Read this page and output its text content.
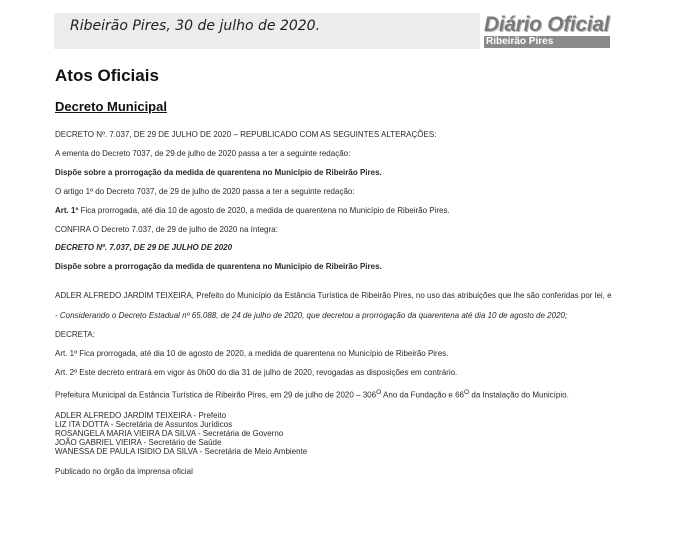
Ribeirão Pires, 30 de julho de 2020.	Diário Oficial
Ribeirão Pires
Atos Oficiais
Decreto Municipal
DECRETO Nº. 7.037, DE 29 DE JULHO DE 2020 – REPUBLICADO COM AS SEGUINTES ALTERAÇÕES:
A ementa do Decreto 7037, de 29 de julho de 2020 passa a ter a seguinte redação:
Dispõe sobre a prorrogação da medida de quarentena no Município de Ribeirão Pires.
O artigo 1º do Decreto 7037, de 29 de julho de 2020 passa a ter a seguinte redação:
Art. 1º Fica prorrogada, até dia 10 de agosto de 2020, a medida de quarentena no Município de Ribeirão Pires.
CONFIRA O Decreto 7.037, de 29 de julho de 2020 na íntegra:
DECRETO Nº. 7.037, DE 29 DE JULHO DE 2020
Dispõe sobre a prorrogação da medida de quarentena no Município de Ribeirão Pires.
ADLER ALFREDO JARDIM TEIXEIRA, Prefeito do Município da Estância Turística de Ribeirão Pires, no uso das atribuições que lhe são conferidas por lei, e
- Considerando o Decreto Estadual nº 65.088, de 24 de julho de 2020, que decretou a prorrogação da quarentena até dia 10 de agosto de 2020;
DECRETA:
Art. 1º Fica prorrogada, até dia 10 de agosto de 2020, a medida de quarentena no Município de Ribeirão Pires.
Art. 2º Este decreto entrará em vigor às 0h00 do dia 31 de julho de 2020, revogadas as disposições em contrário.
Prefeitura Municipal da Estância Turística de Ribeirão Pires, em 29 de julho de $2020 - 306^O$ Ano da Fundação e $66^O$ da Instalação do Município.
ADLER ALFREDO JARDIM TEIXEIRA - Prefeito
LIZ ITA DOTTA - Secretária de Assuntos Jurídicos
ROSANGELA MARIA VIEIRA DA SILVA - Secretária de Governo
JOÃO GABRIEL VIEIRA - Secretário de Saúde
WANESSA DE PAULA ISIDIO DA SILVA - Secretária de Meio Ambiente
Publicado no órgão da imprensa oficial
